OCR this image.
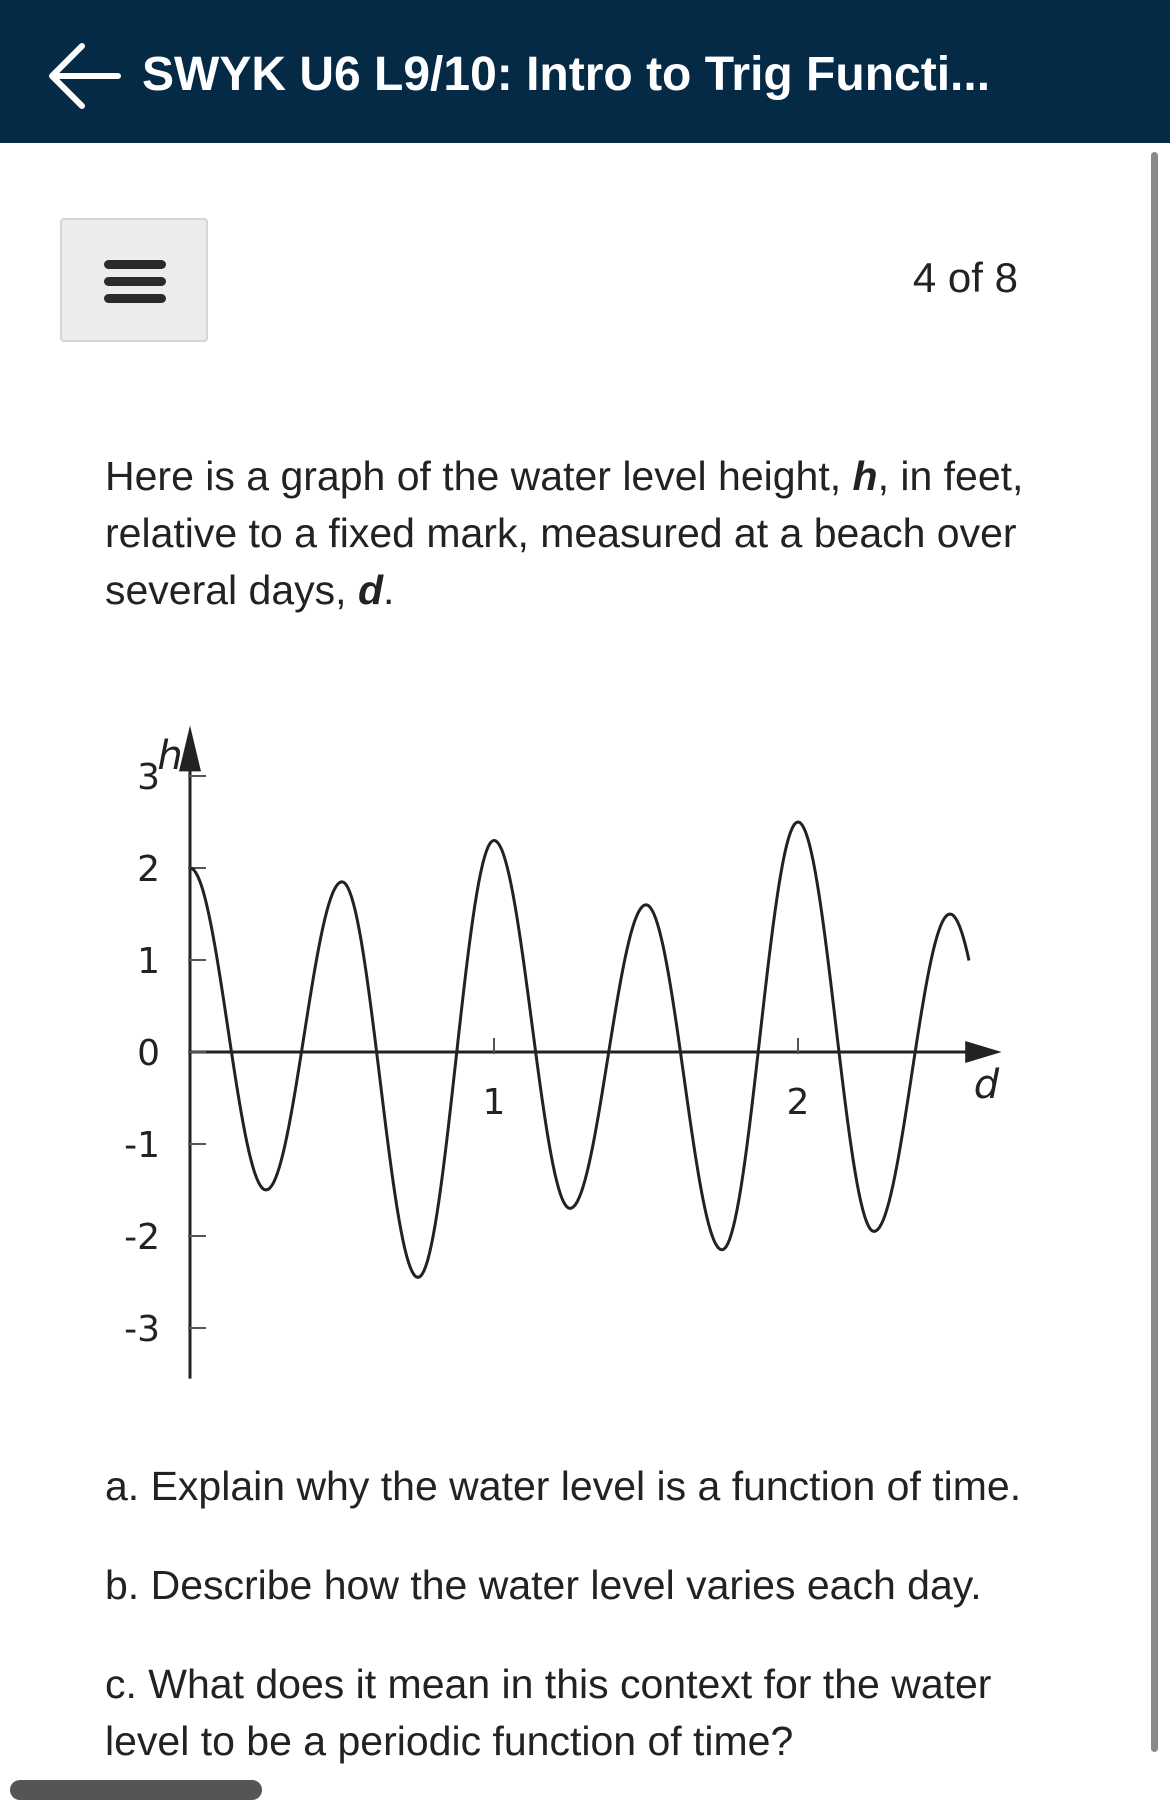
SWYK U6 L9/10: Intro to Trig Functi...
4 of 8
Here is a graph of the water level height, h, in feet, relative to a fixed mark, measured at a beach over several days, d.
3
2
1
0
-1
-2
-3
1	2
h
d
a. Explain why the water level is a function of time.
b. Describe how the water level varies each day.
c. What does it mean in this context for the water level to be a periodic function of time?
